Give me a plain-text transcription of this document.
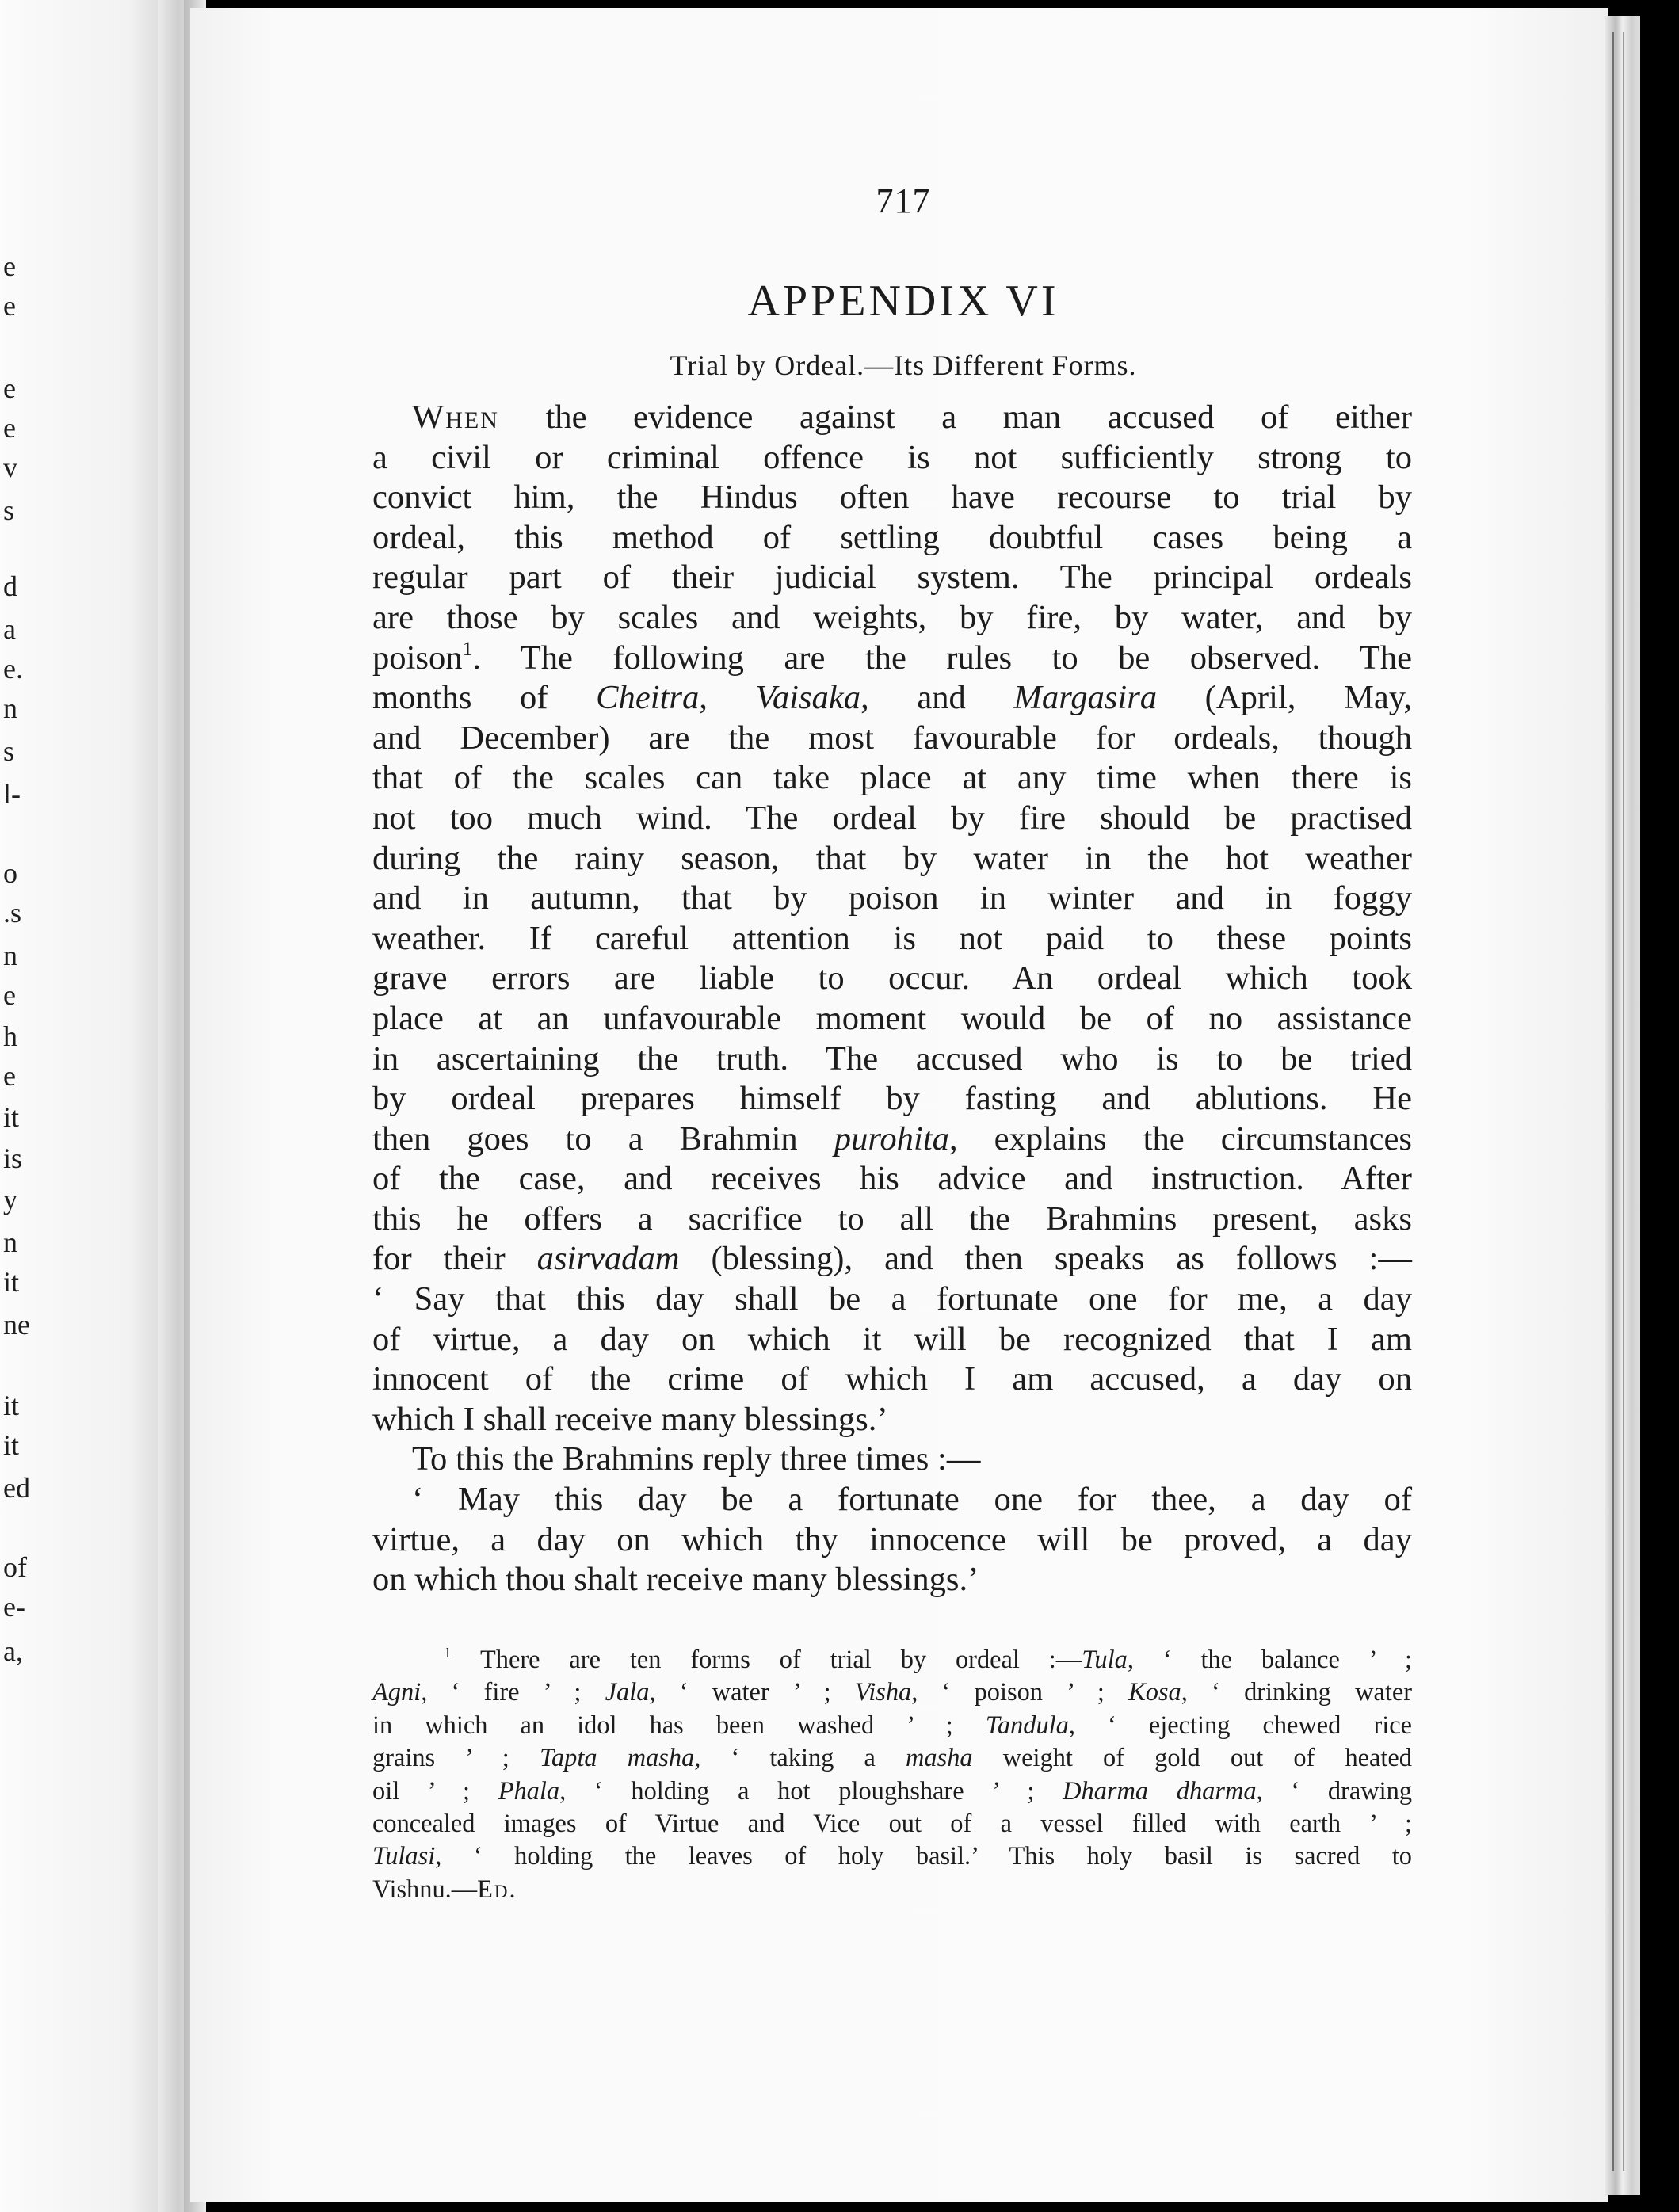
e
e
e
e
v
s
d
a
e.
n
s
l-
o
.s
n
e
h
e
it
is
y
n
it
ne
it
it
ed
of
e-
a,
717
APPENDIX VI
Trial by Ordeal.—Its Different Forms.
When the evidence against a man accused of either
a civil or criminal offence is not sufficiently strong to
convict him, the Hindus often have recourse to trial by
ordeal, this method of settling doubtful cases being a
regular part of their judicial system. The principal ordeals
are those by scales and weights, by fire, by water, and by
poison$^1$. The following are the rules to be observed. The
months of Cheitra, Vaisaka, and Margasira (April, May,
and December) are the most favourable for ordeals, though
that of the scales can take place at any time when there is
not too much wind. The ordeal by fire should be practised
during the rainy season, that by water in the hot weather
and in autumn, that by poison in winter and in foggy
weather. If careful attention is not paid to these points
grave errors are liable to occur. An ordeal which took
place at an unfavourable moment would be of no assistance
in ascertaining the truth. The accused who is to be tried
by ordeal prepares himself by fasting and ablutions. He
then goes to a Brahmin purohita, explains the circumstances
of the case, and receives his advice and instruction. After
this he offers a sacrifice to all the Brahmins present, asks
for their asirvadam (blessing), and then speaks as follows :—
‘ Say that this day shall be a fortunate one for me, a day
of virtue, a day on which it will be recognized that I am
innocent of the crime of which I am accused, a day on
which I shall receive many blessings.’
To this the Brahmins reply three times :—
‘ May this day be a fortunate one for thee, a day of
virtue, a day on which thy innocence will be proved, a day
on which thou shalt receive many blessings.’
$^1$ There are ten forms of trial by ordeal :—Tula, ‘ the balance ’ ;
Agni, ‘ fire ’ ; Jala, ‘ water ’ ; Visha, ‘ poison ’ ; Kosa, ‘ drinking water
in which an idol has been washed ’ ; Tandula, ‘ ejecting chewed rice
grains ’ ; Tapta masha, ‘ taking a masha weight of gold out of heated
oil ’ ; Phala, ‘ holding a hot ploughshare ’ ; Dharma dharma, ‘ drawing
concealed images of Virtue and Vice out of a vessel filled with earth ’ ;
Tulasi, ‘ holding the leaves of holy basil.’ This holy basil is sacred to
Vishnu.—Ed.
